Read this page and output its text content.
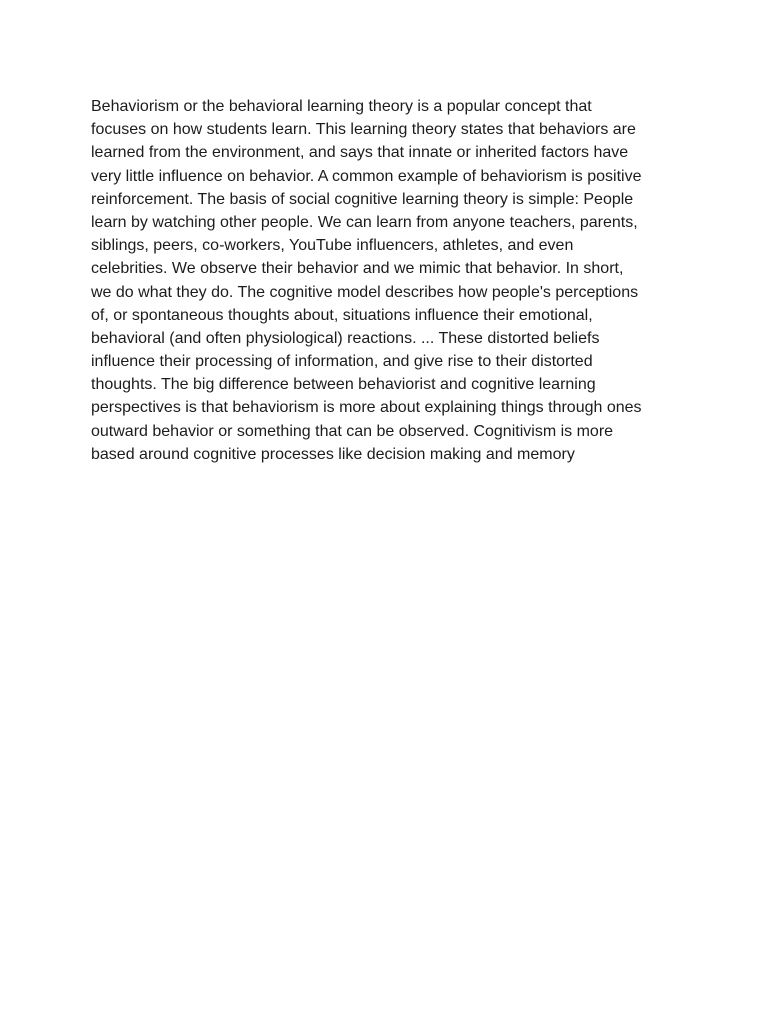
Behaviorism or the behavioral learning theory is a popular concept that
focuses on how students learn. This learning theory states that behaviors are
learned from the environment, and says that innate or inherited factors have
very little influence on behavior. A common example of behaviorism is positive
reinforcement. The basis of social cognitive learning theory is simple: People
learn by watching other people. We can learn from anyone teachers, parents,
siblings, peers, co-workers, YouTube influencers, athletes, and even
celebrities. We observe their behavior and we mimic that behavior. In short,
we do what they do. The cognitive model describes how people's perceptions
of, or spontaneous thoughts about, situations influence their emotional,
behavioral (and often physiological) reactions. ... These distorted beliefs
influence their processing of information, and give rise to their distorted
thoughts. The big difference between behaviorist and cognitive learning
perspectives is that behaviorism is more about explaining things through ones
outward behavior or something that can be observed. Cognitivism is more
based around cognitive processes like decision making and memory
